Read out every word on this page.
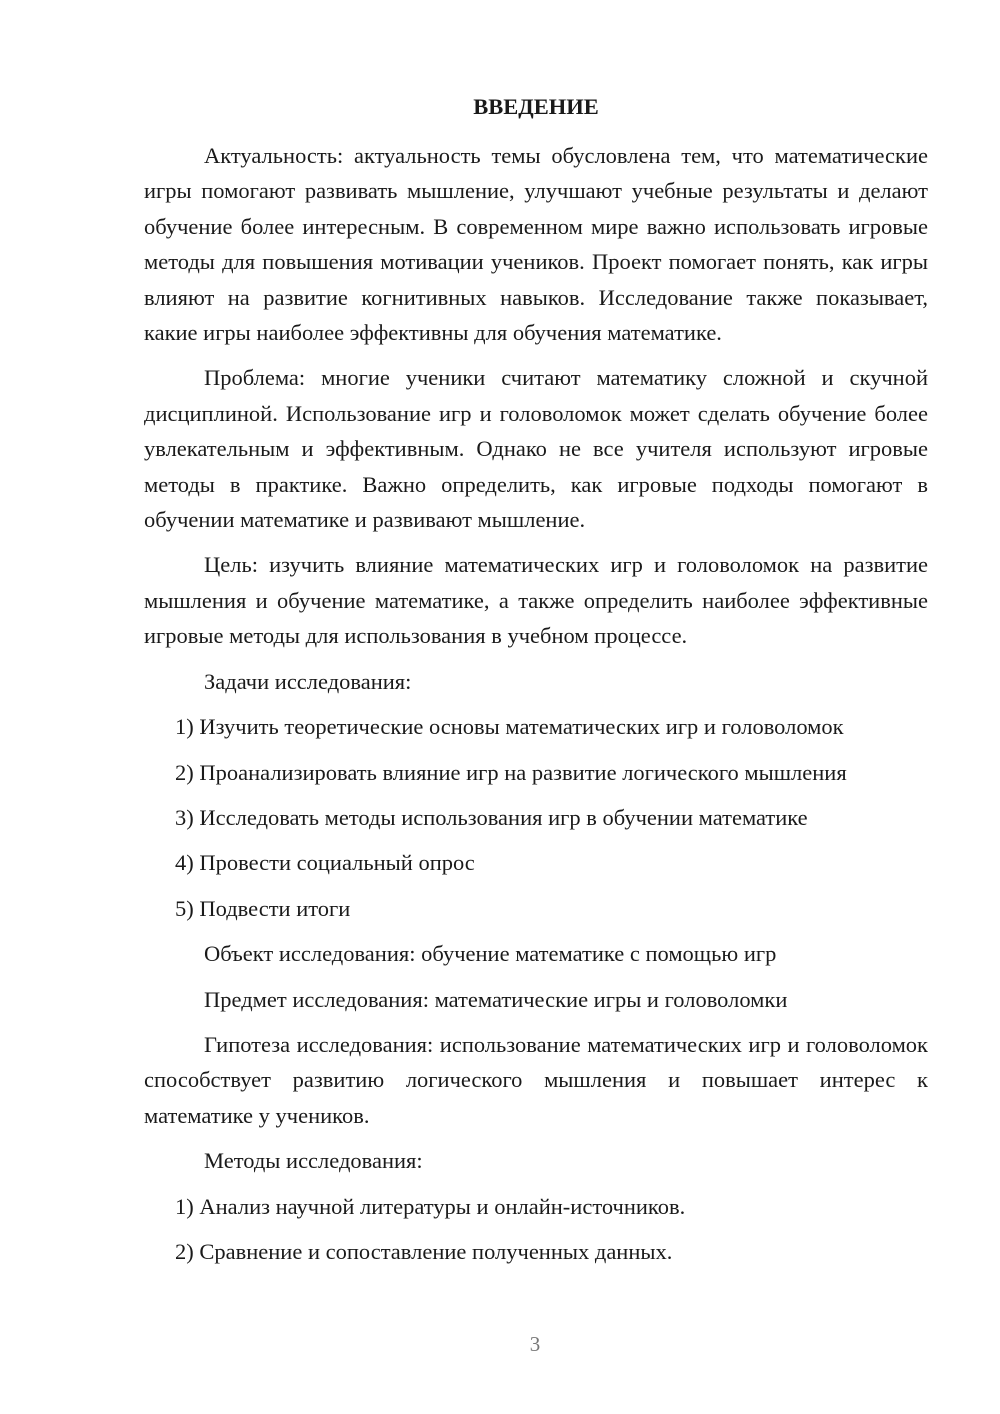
ВВЕДЕНИЕ

Актуальность: актуальность темы обусловлена тем, что математические игры помогают развивать мышление, улучшают учебные результаты и делают обучение более интересным. В современном мире важно использовать игровые методы для повышения мотивации учеников. Проект помогает понять, как игры влияют на развитие когнитивных навыков. Исследование также показывает, какие игры наиболее эффективны для обучения математике.

Проблема: многие ученики считают математику сложной и скучной дисциплиной. Использование игр и головоломок может сделать обучение более увлекательным и эффективным. Однако не все учителя используют игровые методы в практике. Важно определить, как игровые подходы помогают в обучении математике и развивают мышление.

Цель: изучить влияние математических игр и головоломок на развитие мышления и обучение математике, а также определить наиболее эффективные игровые методы для использования в учебном процессе.

Задачи исследования:

1) Изучить теоретические основы математических игр и головоломок
2) Проанализировать влияние игр на развитие логического мышления
3) Исследовать методы использования игр в обучении математике
4) Провести социальный опрос
5) Подвести итоги

Объект исследования: обучение математике с помощью игр

Предмет исследования: математические игры и головоломки

Гипотеза исследования: использование математических игр и головоломок способствует развитию логического мышления и повышает интерес к математике у учеников.

Методы исследования:

1) Анализ научной литературы и онлайн-источников.
2) Сравнение и сопоставление полученных данных.
3
